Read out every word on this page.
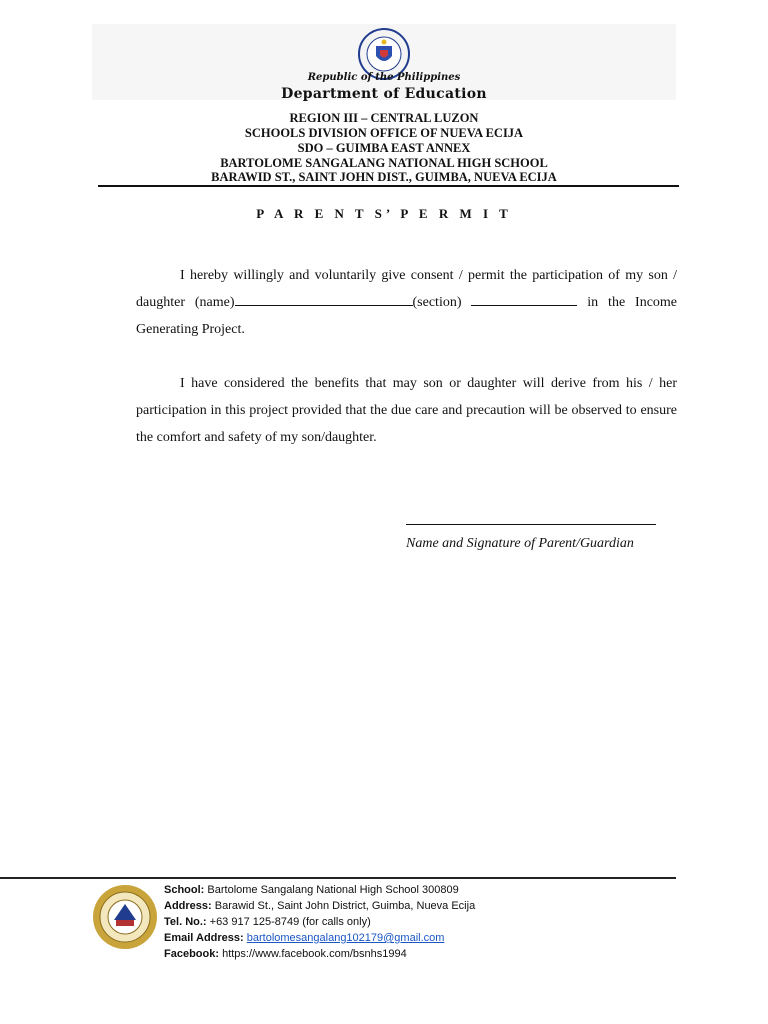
Republic of the Philippines
Department of Education
REGION III – CENTRAL LUZON
SCHOOLS DIVISION OFFICE OF NUEVA ECIJA
SDO – GUIMBA EAST ANNEX
BARTOLOME SANGALANG NATIONAL HIGH SCHOOL
BARAWID ST., SAINT JOHN DIST., GUIMBA, NUEVA ECIJA
P A R E N T S’ P E R M I T

I hereby willingly and voluntarily give consent / permit the participation of my son / daughter (name)	(section)	in the Income Generating Project.

I have considered the benefits that may son or daughter will derive from his / her participation in this project provided that the due care and precaution will be observed to ensure the comfort and safety of my son/daughter.

Name and Signature of Parent/Guardian
School: Bartolome Sangalang National High School 300809
Address: Barawid St., Saint John District, Guimba, Nueva Ecija
Tel. No.: +63 917 125-8749 (for calls only)
Email Address: bartolomesangalang102179@gmail.com
Facebook: https://www.facebook.com/bsnhs1994
